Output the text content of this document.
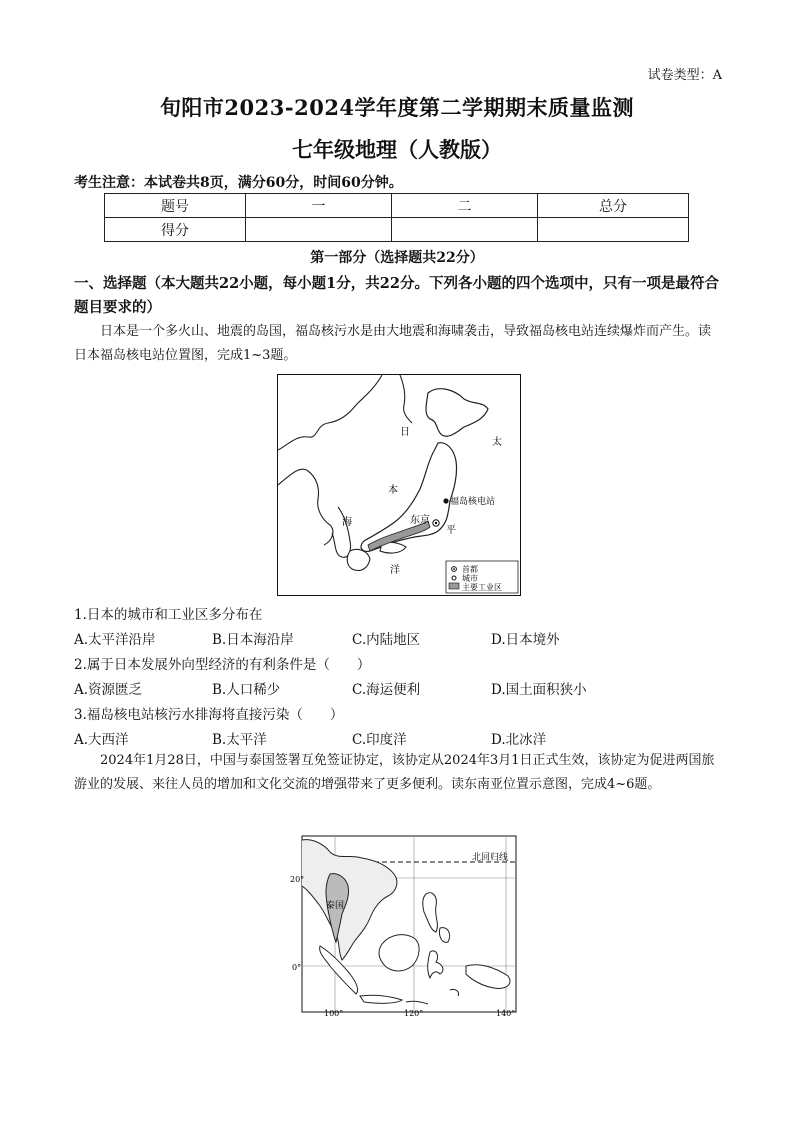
试卷类型：A
旬阳市2023-2024学年度第二学期期末质量监测
七年级地理（人教版）
考生注意：本试卷共8页，满分60分，时间60分钟。
题号	一	二	总分
得分			
第一部分（选择题共22分）
一、选择题（本大题共22小题，每小题1分，共22分。下列各小题的四个选项中，只有一项是最符合题目要求的）
日本是一个多火山、地震的岛国，福岛核污水是由大地震和海啸袭击，导致福岛核电站连续爆炸而产生。读日本福岛核电站位置图，完成1~3题。
日
本
海
太
平
洋
东京
福岛核电站
首都
城市
主要工业区
1.日本的城市和工业区多分布在
A.太平洋沿岸	B.日本海沿岸	C.内陆地区	D.日本境外
2.属于日本发展外向型经济的有利条件是（　　）
A.资源匮乏	B.人口稀少	C.海运便利	D.国土面积狭小
3.福岛核电站核污水排海将直接污染（　　）
A.大西洋	B.太平洋	C.印度洋	D.北冰洋
2024年1月28日，中国与泰国签署互免签证协定，该协定从2024年3月1日正式生效，该协定为促进两国旅游业的发展、来往人员的增加和文化交流的增强带来了更多便利。读东南亚位置示意图，完成4~6题。
北回归线
泰国
20°
0°
100°	120°	140°
